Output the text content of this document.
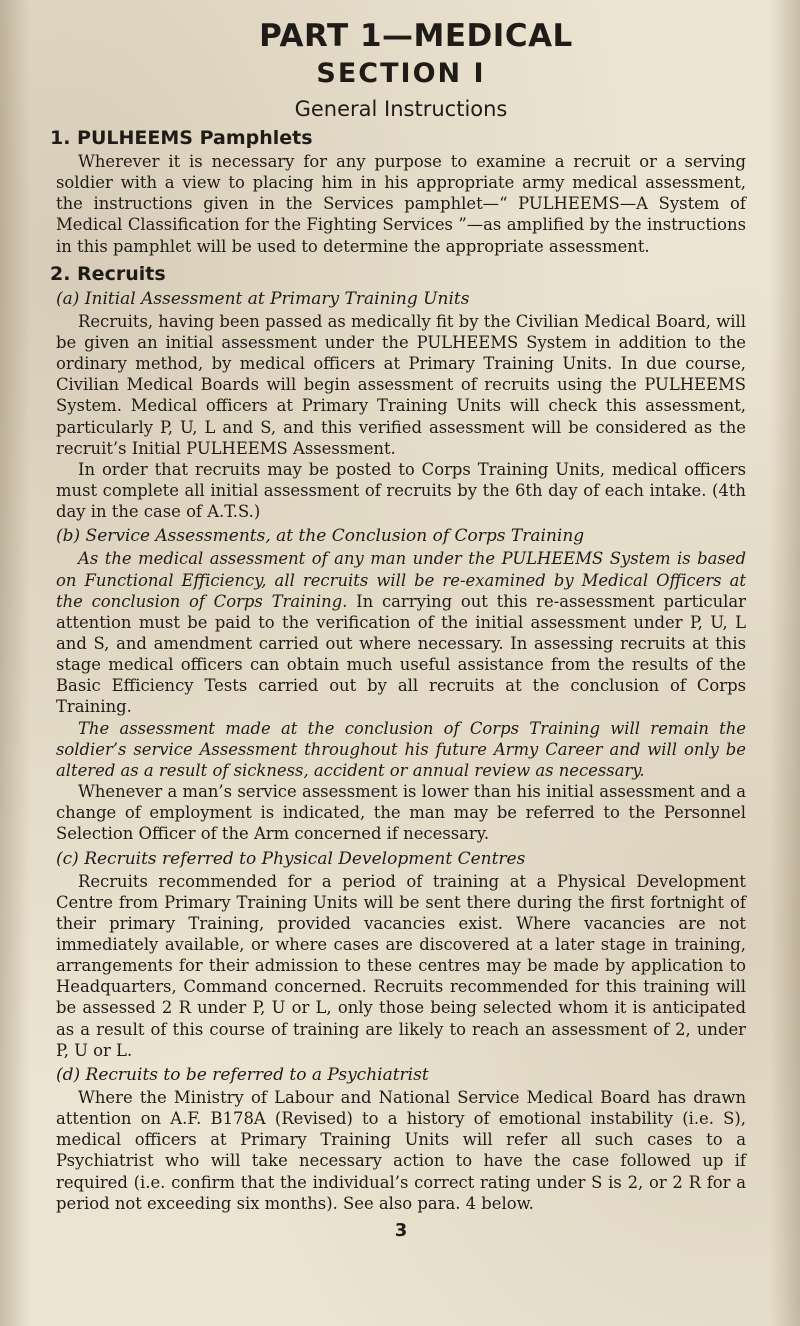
PART 1—MEDICAL
SECTION I
General Instructions
1. PULHEEMS Pamphlets

Wherever it is necessary for any purpose to examine a recruit or a serving soldier with a view to placing him in his appropriate army medical assessment, the instructions given in the Services pamphlet—“ PULHEEMS—A System of Medical Classification for the Fighting Services ”—as amplified by the instructions in this pamphlet will be used to determine the appropriate assessment.

2. Recruits
(a) Initial Assessment at Primary Training Units

Recruits, having been passed as medically fit by the Civilian Medical Board, will be given an initial assessment under the PULHEEMS System in addition to the ordinary method, by medical officers at Primary Training Units. In due course, Civilian Medical Boards will begin assessment of recruits using the PULHEEMS System. Medical officers at Primary Training Units will check this assessment, particularly P, U, L and S, and this verified assessment will be considered as the recruit’s Initial PULHEEMS Assessment.

In order that recruits may be posted to Corps Training Units, medical officers must complete all initial assessment of recruits by the 6th day of each intake. (4th day in the case of A.T.S.)

(b) Service Assessments, at the Conclusion of Corps Training

As the medical assessment of any man under the PULHEEMS System is based on Functional Efficiency, all recruits will be re-examined by Medical Officers at the conclusion of Corps Training. In carrying out this re-assessment particular attention must be paid to the verification of the initial assessment under P, U, L and S, and amendment carried out where necessary. In assessing recruits at this stage medical officers can obtain much useful assistance from the results of the Basic Efficiency Tests carried out by all recruits at the conclusion of Corps Training.

The assessment made at the conclusion of Corps Training will remain the soldier’s service Assessment throughout his future Army Career and will only be altered as a result of sickness, accident or annual review as necessary.

Whenever a man’s service assessment is lower than his initial assessment and a change of employment is indicated, the man may be referred to the Personnel Selection Officer of the Arm concerned if necessary.

(c) Recruits referred to Physical Development Centres

Recruits recommended for a period of training at a Physical Development Centre from Primary Training Units will be sent there during the first fortnight of their primary Training, provided vacancies exist. Where vacancies are not immediately available, or where cases are discovered at a later stage in training, arrangements for their admission to these centres may be made by application to Headquarters, Command concerned. Recruits recommended for this training will be assessed 2 R under P, U or L, only those being selected whom it is anticipated as a result of this course of training are likely to reach an assessment of 2, under P, U or L.

(d) Recruits to be referred to a Psychiatrist

Where the Ministry of Labour and National Service Medical Board has drawn attention on A.F. B178A (Revised) to a history of emotional instability (i.e. S), medical officers at Primary Training Units will refer all such cases to a Psychiatrist who will take necessary action to have the case followed up if required (i.e. confirm that the individual’s correct rating under S is 2, or 2 R for a period not exceeding six months). See also para. 4 below.

3
